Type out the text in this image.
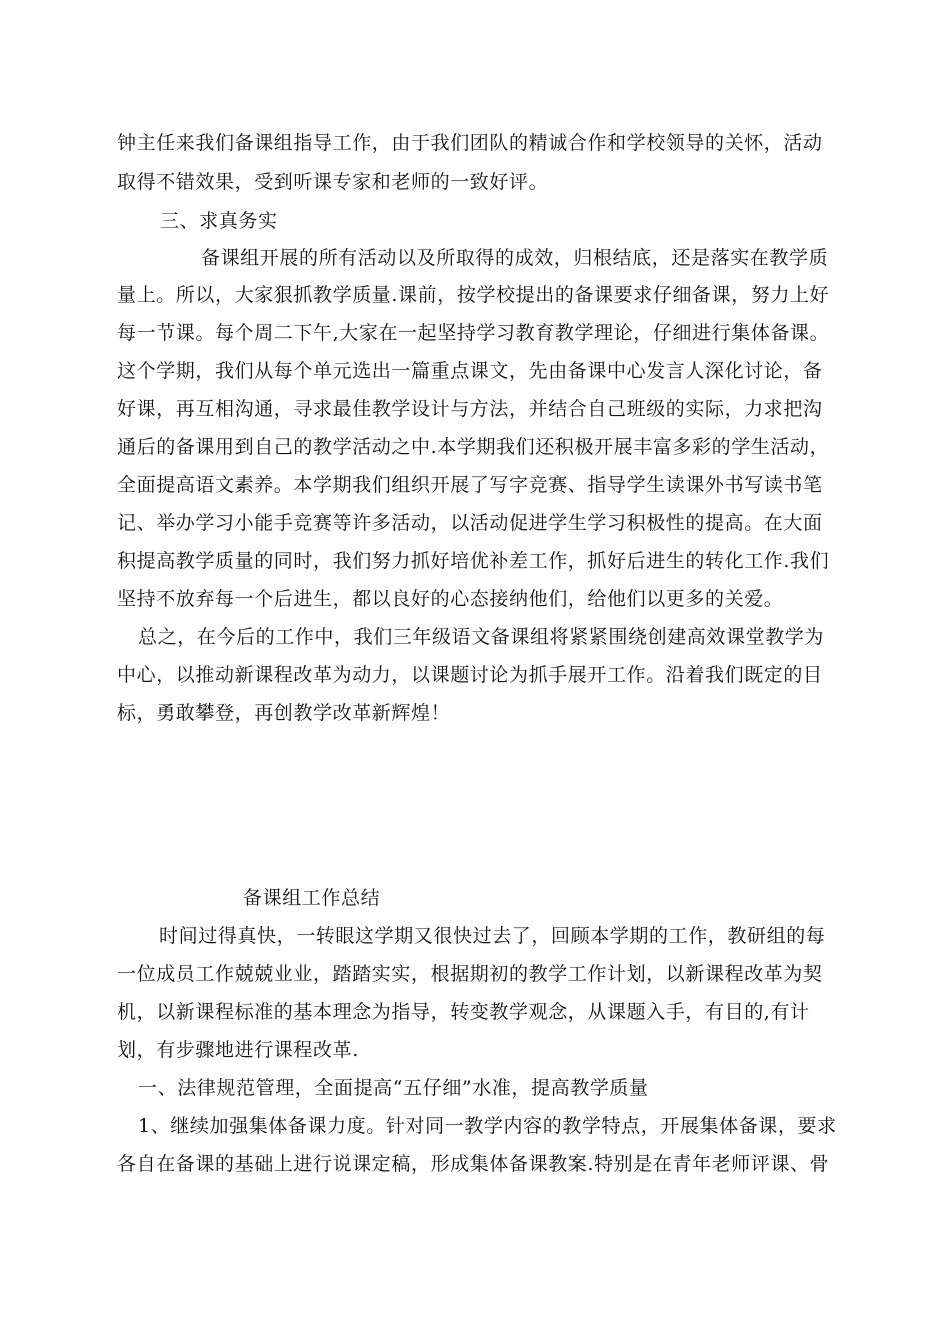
钟主任来我们备课组指导工作，由于我们团队的精诚合作和学校领导的关怀，活动
取得不错效果，受到听课专家和老师的一致好评。
三、求真务实
备课组开展的所有活动以及所取得的成效，归根结底，还是落实在教学质
量上。所以，大家狠抓教学质量.课前，按学校提出的备课要求仔细备课，努力上好
每一节课。每个周二下午,大家在一起坚持学习教育教学理论，仔细进行集体备课。
这个学期，我们从每个单元选出一篇重点课文，先由备课中心发言人深化讨论，备
好课，再互相沟通，寻求最佳教学设计与方法，并结合自己班级的实际，力求把沟
通后的备课用到自己的教学活动之中.本学期我们还积极开展丰富多彩的学生活动，
全面提高语文素养。本学期我们组织开展了写字竞赛、指导学生读课外书写读书笔
记、举办学习小能手竞赛等许多活动，以活动促进学生学习积极性的提高。在大面
积提高教学质量的同时，我们努力抓好培优补差工作，抓好后进生的转化工作.我们
坚持不放弃每一个后进生，都以良好的心态接纳他们，给他们以更多的关爱。
总之，在今后的工作中，我们三年级语文备课组将紧紧围绕创建高效课堂教学为
中心，以推动新课程改革为动力，以课题讨论为抓手展开工作。沿着我们既定的目
标，勇敢攀登，再创教学改革新辉煌！
备课组工作总结
时间过得真快，一转眼这学期又很快过去了，回顾本学期的工作，教研组的每
一位成员工作兢兢业业，踏踏实实，根据期初的教学工作计划，以新课程改革为契
机，以新课程标准的基本理念为指导，转变教学观念，从课题入手，有目的,有计
划，有步骤地进行课程改革.
一、法律规范管理，全面提高“五仔细”水准，提高教学质量
1、继续加强集体备课力度。针对同一教学内容的教学特点，开展集体备课，要求
各自在备课的基础上进行说课定稿，形成集体备课教案.特别是在青年老师评课、骨
